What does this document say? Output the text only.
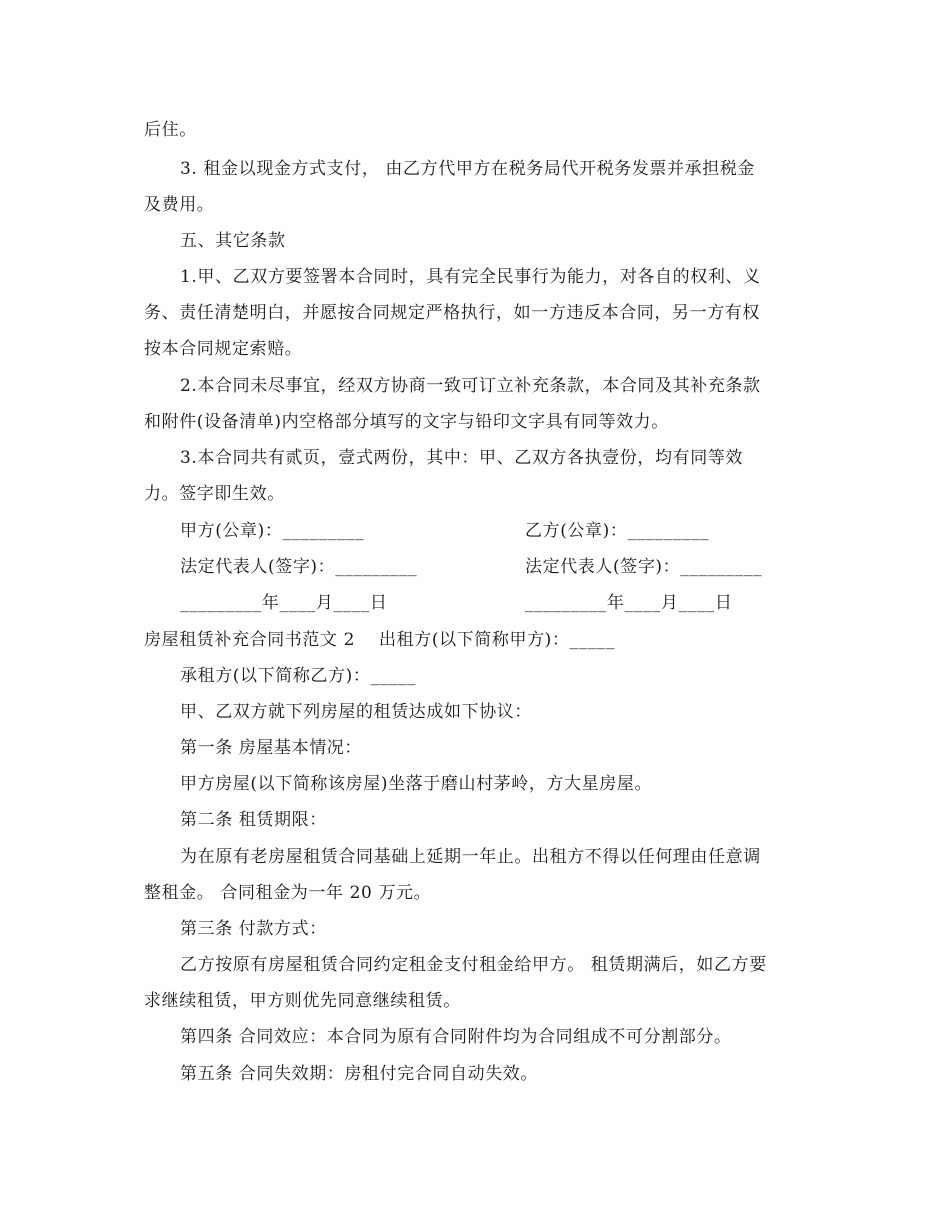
后住。
3. 租金以现金方式支付， 由乙方代甲方在税务局代开税务发票并承担税金
及费用。
五、其它条款
1.甲、乙双方要签署本合同时，具有完全民事行为能力，对各自的权利、义
务、责任清楚明白，并愿按合同规定严格执行，如一方违反本合同，另一方有权
按本合同规定索赔。
2.本合同未尽事宜，经双方协商一致可订立补充条款，本合同及其补充条款
和附件(设备清单)内空格部分填写的文字与铅印文字具有同等效力。
3.本合同共有贰页，壹式两份，其中：甲、乙双方各执壹份，均有同等效
力。签字即生效。
甲方(公章)：_________	乙方(公章)：_________
法定代表人(签字)：_________	法定代表人(签字)：_________
_________年____月____日	_________年____月____日
房屋租赁补充合同书范文 2 出租方(以下简称甲方)：_____
承租方(以下简称乙方)：_____
甲、乙双方就下列房屋的租赁达成如下协议：
第一条 房屋基本情况：
甲方房屋(以下简称该房屋)坐落于磨山村茅岭，方大星房屋。
第二条 租赁期限：
为在原有老房屋租赁合同基础上延期一年止。出租方不得以任何理由任意调
整租金。 合同租金为一年 20 万元。
第三条 付款方式：
乙方按原有房屋租赁合同约定租金支付租金给甲方。 租赁期满后，如乙方要
求继续租赁，甲方则优先同意继续租赁。
第四条 合同效应：本合同为原有合同附件均为合同组成不可分割部分。
第五条 合同失效期：房租付完合同自动失效。
